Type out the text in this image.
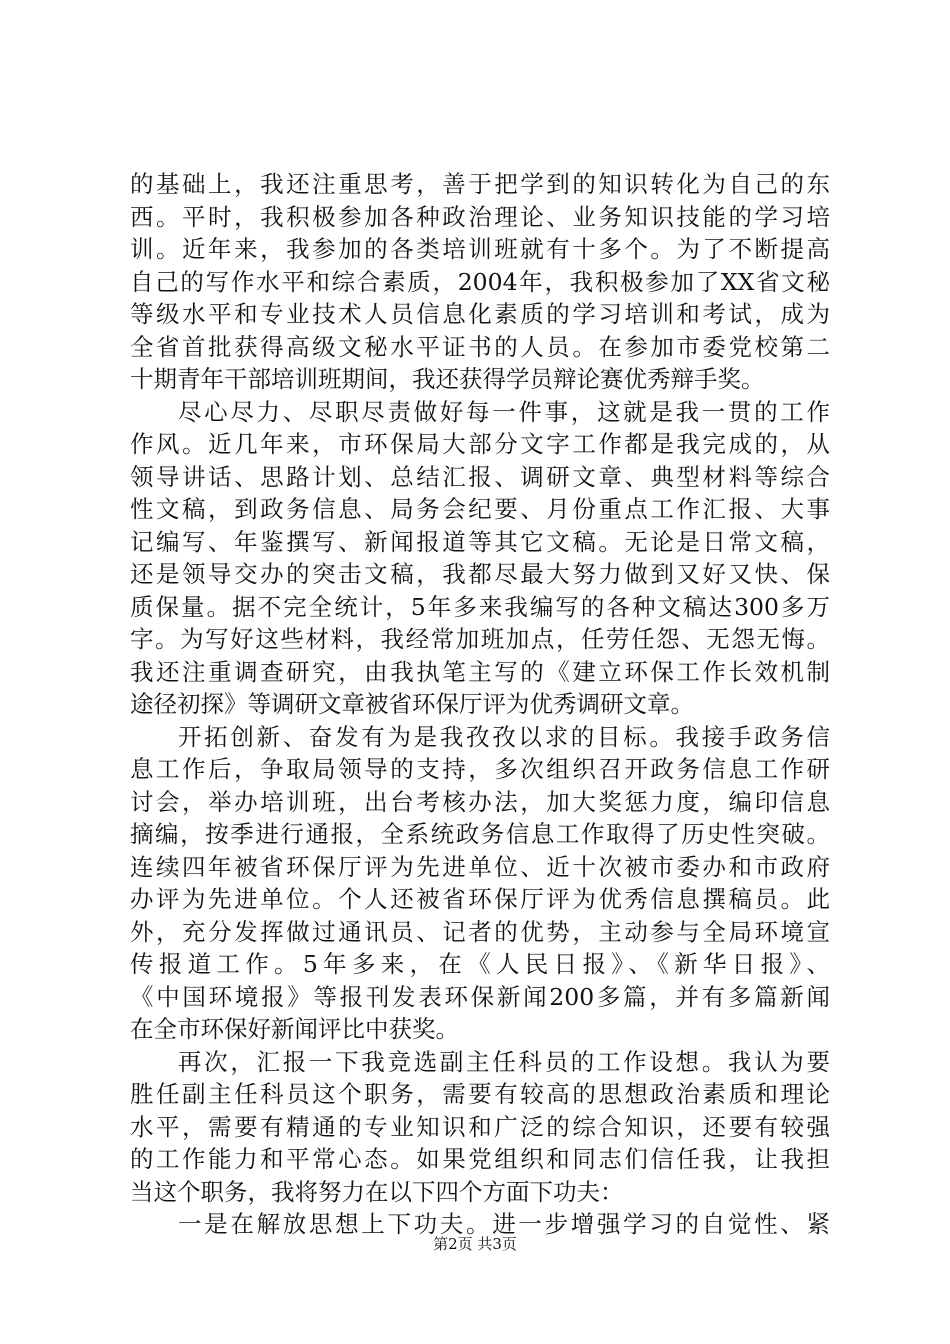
的基础上，我还注重思考，善于把学到的知识转化为自己的东
西。平时，我积极参加各种政治理论、业务知识技能的学习培
训。近年来，我参加的各类培训班就有十多个。为了不断提高
自己的写作水平和综合素质，2004年，我积极参加了XX省文秘
等级水平和专业技术人员信息化素质的学习培训和考试，成为
全省首批获得高级文秘水平证书的人员。在参加市委党校第二
十期青年干部培训班期间，我还获得学员辩论赛优秀辩手奖。
尽心尽力、尽职尽责做好每一件事，这就是我一贯的工作
作风。近几年来，市环保局大部分文字工作都是我完成的，从
领导讲话、思路计划、总结汇报、调研文章、典型材料等综合
性文稿，到政务信息、局务会纪要、月份重点工作汇报、大事
记编写、年鉴撰写、新闻报道等其它文稿。无论是日常文稿，
还是领导交办的突击文稿，我都尽最大努力做到又好又快、保
质保量。据不完全统计，5年多来我编写的各种文稿达300多万
字。为写好这些材料，我经常加班加点，任劳任怨、无怨无悔。
我还注重调查研究，由我执笔主写的《建立环保工作长效机制
途径初探》等调研文章被省环保厅评为优秀调研文章。
开拓创新、奋发有为是我孜孜以求的目标。我接手政务信
息工作后，争取局领导的支持，多次组织召开政务信息工作研
讨会，举办培训班，出台考核办法，加大奖惩力度，编印信息
摘编，按季进行通报，全系统政务信息工作取得了历史性突破。
连续四年被省环保厅评为先进单位、近十次被市委办和市政府
办评为先进单位。个人还被省环保厅评为优秀信息撰稿员。此
外，充分发挥做过通讯员、记者的优势，主动参与全局环境宣
传报道工作。5年多来，在《人民日报》、《新华日报》、
《中国环境报》等报刊发表环保新闻200多篇，并有多篇新闻
在全市环保好新闻评比中获奖。
再次，汇报一下我竞选副主任科员的工作设想。我认为要
胜任副主任科员这个职务，需要有较高的思想政治素质和理论
水平，需要有精通的专业知识和广泛的综合知识，还要有较强
的工作能力和平常心态。如果党组织和同志们信任我，让我担
当这个职务，我将努力在以下四个方面下功夫：
一是在解放思想上下功夫。进一步增强学习的自觉性、紧
第2页 共3页
